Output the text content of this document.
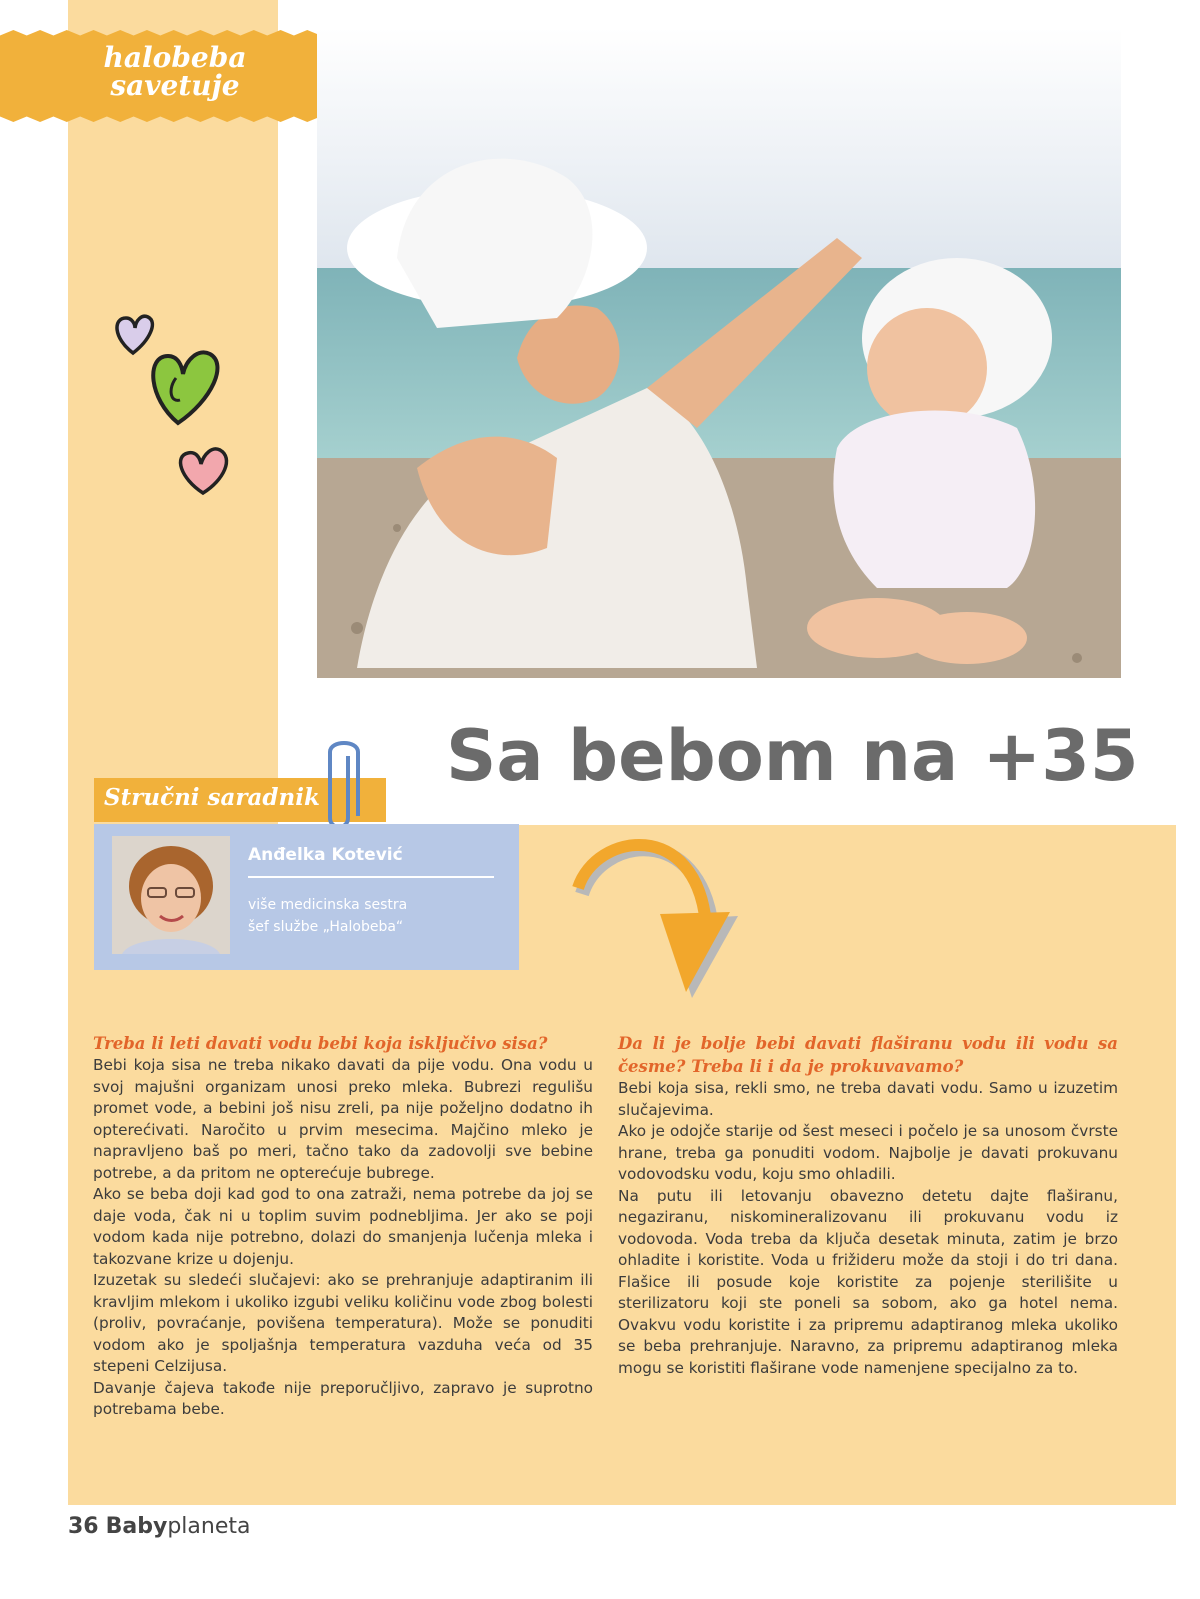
halobeba
savetuje
Sa bebom na +35
Stručni saradnik
Anđelka Kotević
više medicinska sestra
šef službe „Halobeba“

Treba li leti davati vodu bebi koja isključivo sisa?

Bebi koja sisa ne treba nikako davati da pije vodu. Ona vodu u svoj majušni organizam unosi preko mleka. Bubrezi regulišu promet vode, a bebini još nisu zreli, pa nije poželjno dodatno ih opterećivati. Naročito u prvim mesecima. Majčino mleko je napravljeno baš po meri, tačno tako da zadovolji sve bebine potrebe, a da pritom ne opterećuje bubrege.

Ako se beba doji kad god to ona zatraži, nema potrebe da joj se daje voda, čak ni u toplim suvim podnebljima. Jer ako se poji vodom kada nije potrebno, dolazi do smanjenja lučenja mleka i takozvane krize u dojenju.

Izuzetak su sledeći slučajevi: ako se prehranjuje adaptiranim ili kravljim mlekom i ukoliko izgubi veliku količinu vode zbog bolesti (proliv, povraćanje, povišena temperatura). Može se ponuditi vodom ako je spoljašnja temperatura vazduha veća od 35 stepeni Celzijusa.

Davanje čajeva takođe nije preporučljivo, zapravo je suprotno potrebama bebe.

Da li je bolje bebi davati flaširanu vodu ili vodu sa česme? Treba li i da je prokuvavamo?

Bebi koja sisa, rekli smo, ne treba davati vodu. Samo u izuzetim slučajevima.

Ako je odojče starije od šest meseci i počelo je sa unosom čvrste hrane, treba ga ponuditi vodom. Najbolje je davati prokuvanu vodovodsku vodu, koju smo ohladili.

Na putu ili letovanju obavezno detetu dajte flaširanu, negaziranu, niskomineralizovanu ili prokuvanu vodu iz vodovoda. Voda treba da ključa desetak minuta, zatim je brzo ohladite i koristite. Voda u frižideru može da stoji i do tri dana. Flašice ili posude koje koristite za pojenje sterilišite u sterilizatoru koji ste poneli sa sobom, ako ga hotel nema. Ovakvu vodu koristite i za pripremu adaptiranog mleka ukoliko se beba prehranjuje. Naravno, za pripremu adaptiranog mleka mogu se koristiti flaširane vode namenjene specijalno za to.

36 Babyplaneta
